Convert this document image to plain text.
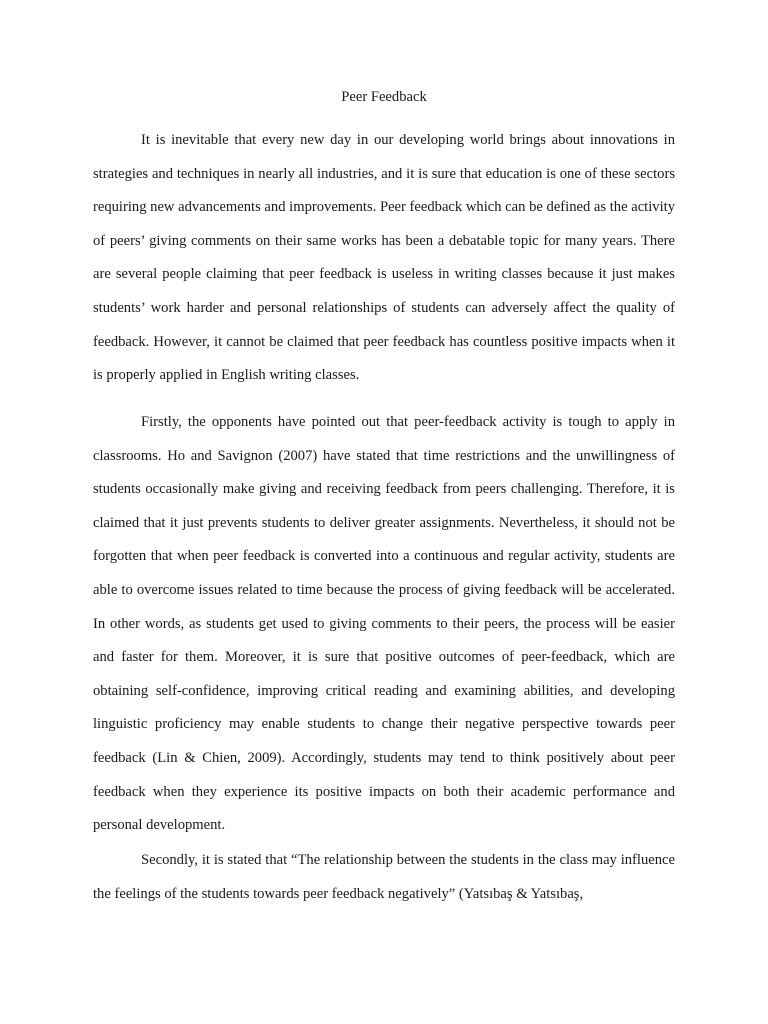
Peer Feedback

It is inevitable that every new day in our developing world brings about innovations in strategies and techniques in nearly all industries, and it is sure that education is one of these sectors requiring new advancements and improvements. Peer feedback which can be defined as the activity of peers’ giving comments on their same works has been a debatable topic for many years. There are several people claiming that peer feedback is useless in writing classes because it just makes students’ work harder and personal relationships of students can adversely affect the quality of feedback. However, it cannot be claimed that peer feedback has countless positive impacts when it is properly applied in English writing classes.

Firstly, the opponents have pointed out that peer-feedback activity is tough to apply in classrooms. Ho and Savignon (2007) have stated that time restrictions and the unwillingness of students occasionally make giving and receiving feedback from peers challenging. Therefore, it is claimed that it just prevents students to deliver greater assignments. Nevertheless, it should not be forgotten that when peer feedback is converted into a continuous and regular activity, students are able to overcome issues related to time because the process of giving feedback will be accelerated. In other words, as students get used to giving comments to their peers, the process will be easier and faster for them. Moreover, it is sure that positive outcomes of peer-feedback, which are obtaining self-confidence, improving critical reading and examining abilities, and developing linguistic proficiency may enable students to change their negative perspective towards peer feedback (Lin & Chien, 2009). Accordingly, students may tend to think positively about peer feedback when they experience its positive impacts on both their academic performance and personal development.

Secondly, it is stated that “The relationship between the students in the class may influence the feelings of the students towards peer feedback negatively” (Yatsıbaş & Yatsıbaş,
